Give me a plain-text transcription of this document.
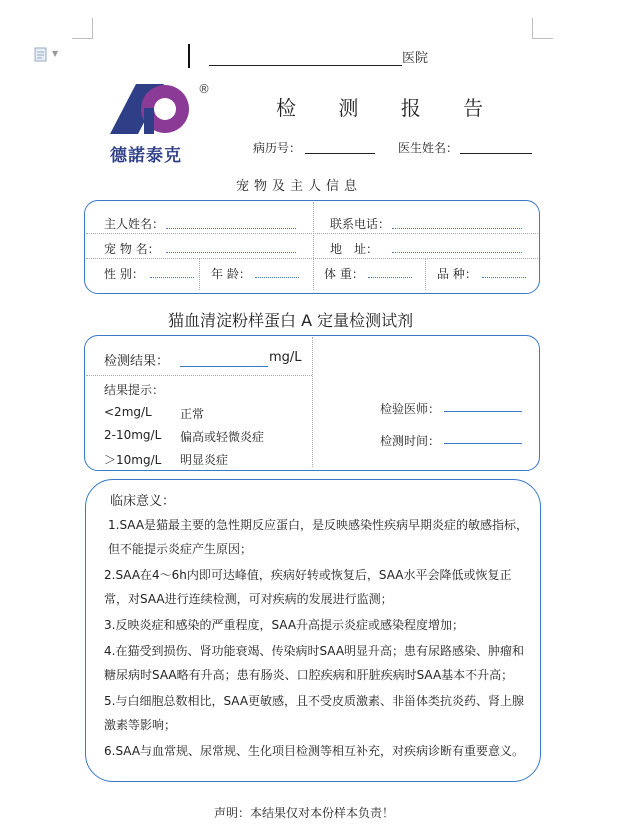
▼	医院
®
德諾泰克
检 测 报 告
病历号：	医生姓名：
宠物及主人信息
主人姓名：	联系电话：
宠 物 名：	地　址：
性 别：	年 龄：	体 重：	品 种：
猫血清淀粉样蛋白 A 定量检测试剂
检测结果：	mg/L
结果提示：
<2mg/L 正常
2-10mg/L 偏高或轻微炎症
＞10mg/L 明显炎症
检验医师：
检测时间：
临床意义：
1.SAA是猫最主要的急性期反应蛋白，是反映感染性疾病早期炎症的敏感指标，但不能提示炎症产生原因；
2.SAA在4～6h内即可达峰值，疾病好转或恢复后，SAA水平会降低或恢复正常，对SAA进行连续检测，可对疾病的发展进行监测；
3.反映炎症和感染的严重程度，SAA升高提示炎症或感染程度增加；
4.在猫受到损伤、肾功能衰竭、传染病时SAA明显升高；患有尿路感染、肿瘤和糖尿病时SAA略有升高；患有肠炎、口腔疾病和肝脏疾病时SAA基本不升高；
5.与白细胞总数相比，SAA更敏感，且不受皮质激素、非甾体类抗炎药、肾上腺激素等影响；
6.SAA与血常规、尿常规、生化项目检测等相互补充，对疾病诊断有重要意义。
声明：本结果仅对本份样本负责！
